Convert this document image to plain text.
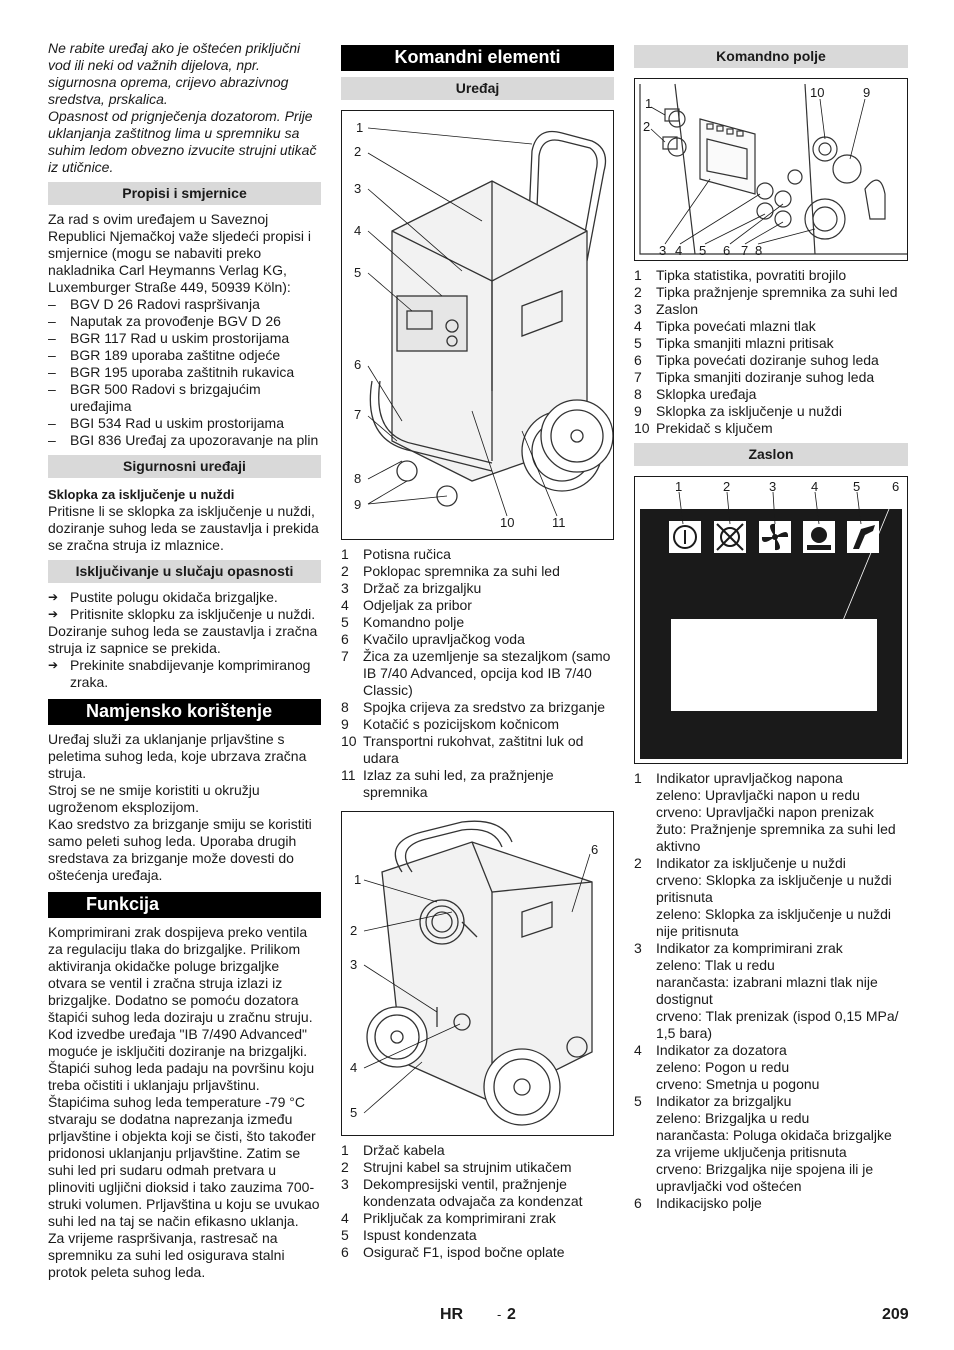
Ne rabite uređaj ako je oštećen priključni vod ili neki od važnih dijelova, npr. sigurnosna oprema, crijevo abrazivnog sredstva, prskalica.

Opasnost od prignječenja dozatorom. Prije uklanjanja zaštitnog lima u spremniku sa suhim ledom obvezno izvucite strujni utikač iz utičnice.

Propisi i smjernice

Za rad s ovim uređajem u Saveznoj Republici Njemačkoj važe sljedeći propisi i smjernice (mogu se nabaviti preko nakladnika Carl Heymanns Verlag KG, Luxemburger Straße 449, 50939 Köln):

– BGV D 26 Radovi raspršivanja
– Naputak za provođenje BGV D 26
– BGR 117 Rad u uskim prostorijama
– BGR 189 uporaba zaštitne odjeće
– BGR 195 uporaba zaštitnih rukavica
– BGR 500 Radovi s brizgajućim uređajima
– BGI 534 Rad u uskim prostorijama
– BGI 836 Uređaj za upozoravanje na plin
Sigurnosni uređaji

Sklopka za isključenje u nuždi

Pritisne li se sklopka za isključenje u nuždi, doziranje suhog leda se zaustavlja i prekida se zračna struja iz mlaznice.

Isključivanje u slučaju opasnosti
➔ Pustite polugu okidača brizgaljke.
➔ Pritisnite sklopku za isključenje u nuždi.

Doziranje suhog leda se zaustavlja i zračna struja iz sapnice se prekida.

➔ Prekinite snabdijevanje komprimiranog zraka.
Namjensko korištenje

Uređaj služi za uklanjanje prljavštine s peletima suhog leda, koje ubrzava zračna struja.

Stroj se ne smije koristiti u okružju ugroženom eksplozijom.

Kao sredstvo za brizganje smiju se koristiti samo peleti suhog leda. Uporaba drugih sredstava za brizganje može dovesti do oštećenja uređaja.

Funkcija

Komprimirani zrak dospijeva preko ventila za regulaciju tlaka do brizgaljke. Prilikom aktiviranja okidačke poluge brizgaljke otvara se ventil i zračna struja izlazi iz brizgaljke. Dodatno se pomoću dozatora štapići suhog leda doziraju u zračnu struju. Kod izvedbe uređaja "IB 7/490 Advanced" moguće je isključiti doziranje na brizgaljki. Štapići suhog leda padaju na površinu koju treba očistiti i uklanjaju prljavštinu. Štapićima suhog leda temperature -79 °C stvaraju se dodatna naprezanja između prljavštine i objekta koji se čisti, što također pridonosi uklanjanju prljavštine. Zatim se suhi led pri sudaru odmah pretvara u plinoviti ugljični dioksid i tako zauzima 700-struki volumen. Prljavština u koju se uvukao suhi led na taj se način efikasno uklanja.

Za vrijeme raspršivanja, rastresač na spremniku za suhi led osigurava stalni protok peleta suhog leda.

Komandni elementi
Uređaj
1
2
3
4
5
6
7
8
9
10	11
1	Potisna ručica
2	Poklopac spremnika za suhi led
3	Držač za brizgaljku
4	Odjeljak za pribor
5	Komandno polje
6	Kvačilo upravljačkog voda
7	Žica za uzemljenje sa stezaljkom (samo IB 7/40 Advanced, opcija kod IB 7/40 Classic)
8	Spojka crijeva za sredstvo za brizganje
9	Kotačić s pozicijskom kočnicom
10 Transportni rukohvat, zaštitni luk od udara
11 Izlaz za suhi led, za pražnjenje spremnika
1
2
3
4
5
6
1	Držač kabela
2	Strujni kabel sa strujnim utikačem
3	Dekompresijski ventil, pražnjenje kondenzata odvajača za kondenzat
4	Priključak za komprimirani zrak
5	Ispust kondenzata
6	Osigurač F1, ispod bočne oplate
Komandno polje
1
2
3 4 5 6 7 8
9
10
1	Tipka statistika, povratiti brojilo
2	Tipka pražnjenje spremnika za suhi led
3	Zaslon
4	Tipka povećati mlazni tlak
5	Tipka smanjiti mlazni pritisak
6	Tipka povećati doziranje suhog leda
7	Tipka smanjiti doziranje suhog leda
8	Sklopka uređaja
9	Sklopka za isključenje u nuždi
10 Prekidač s ključem
Zaslon
1	2	3	4	5 6
1	Indikator upravljačkog napona
zeleno: Upravljački napon u redu
crveno: Upravljački napon prenizak
žuto: Pražnjenje spremnika za suhi led aktivno
2	Indikator za isključenje u nuždi
crveno: Sklopka za isključenje u nuždi pritisnuta
zeleno: Sklopka za isključenje u nuždi nije pritisnuta
3	Indikator za komprimirani zrak
zeleno: Tlak u redu
narančasta: izabrani mlazni tlak nije dostignut
crveno: Tlak prenizak (ispod 0,15 MPa/ 1,5 bara)
4	Indikator za dozatora
zeleno: Pogon u redu
crveno: Smetnja u pogonu
5	Indikator za brizgaljku
zeleno: Brizgaljka u redu
narančasta: Poluga okidača brizgaljke za vrijeme uključenja pritisnuta
crveno: Brizgaljka nije spojena ili je upravljački vod oštećen
6	Indikacijsko polje
HR	- 2	209
